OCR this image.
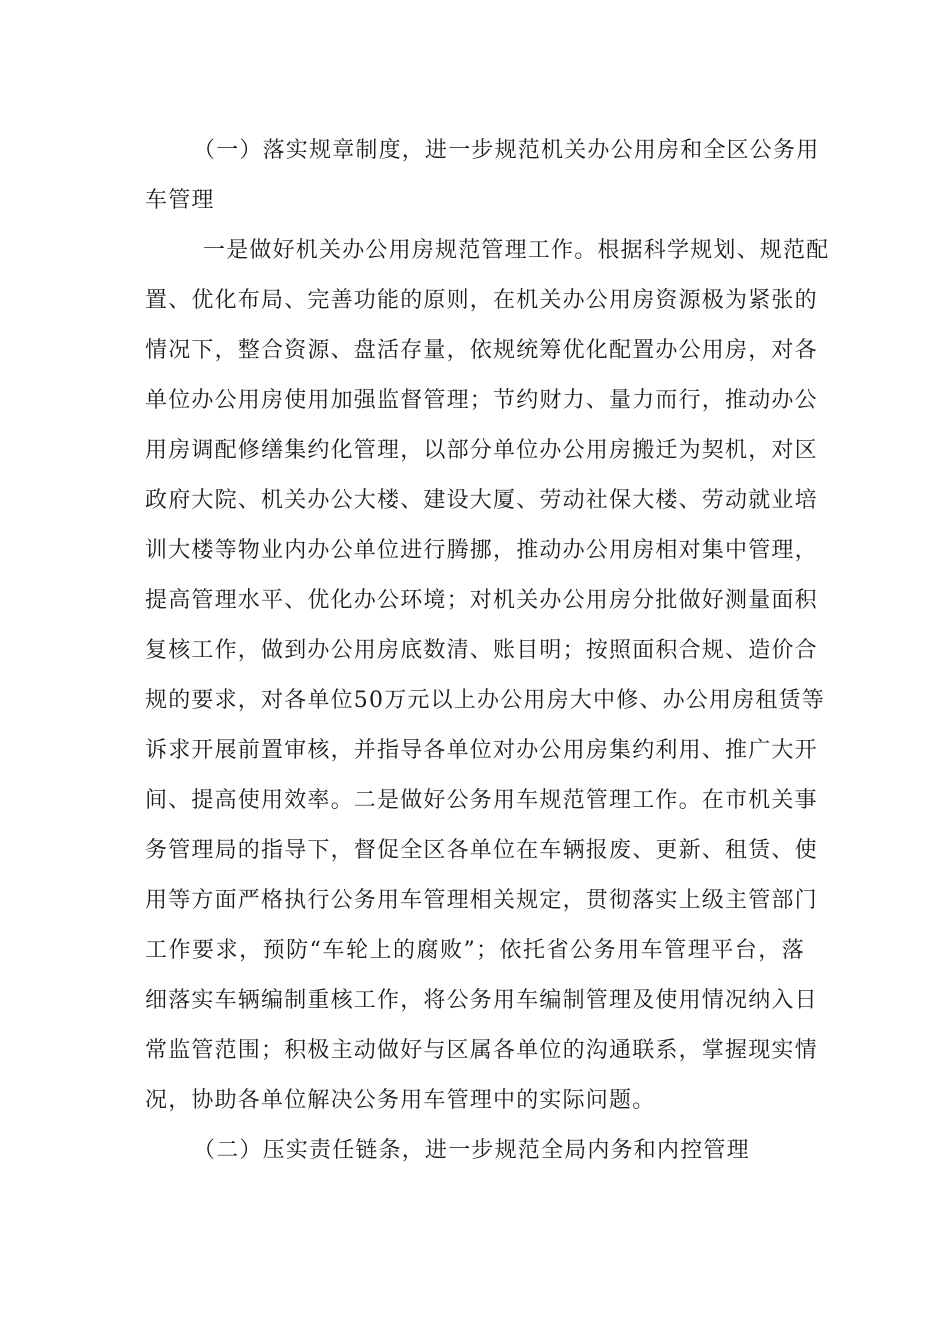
（一）落实规章制度，进一步规范机关办公用房和全区公务用
车管理
一是做好机关办公用房规范管理工作。根据科学规划、规范配
置、优化布局、完善功能的原则，在机关办公用房资源极为紧张的
情况下，整合资源、盘活存量，依规统筹优化配置办公用房，对各
单位办公用房使用加强监督管理；节约财力、量力而行，推动办公
用房调配修缮集约化管理，以部分单位办公用房搬迁为契机，对区
政府大院、机关办公大楼、建设大厦、劳动社保大楼、劳动就业培
训大楼等物业内办公单位进行腾挪，推动办公用房相对集中管理，
提高管理水平、优化办公环境；对机关办公用房分批做好测量面积
复核工作，做到办公用房底数清、账目明；按照面积合规、造价合
规的要求，对各单位50万元以上办公用房大中修、办公用房租赁等
诉求开展前置审核，并指导各单位对办公用房集约利用、推广大开
间、提高使用效率。二是做好公务用车规范管理工作。在市机关事
务管理局的指导下，督促全区各单位在车辆报废、更新、租赁、使
用等方面严格执行公务用车管理相关规定，贯彻落实上级主管部门
工作要求，预防“车轮上的腐败”；依托省公务用车管理平台，落
细落实车辆编制重核工作，将公务用车编制管理及使用情况纳入日
常监管范围；积极主动做好与区属各单位的沟通联系，掌握现实情
况，协助各单位解决公务用车管理中的实际问题。
（二）压实责任链条，进一步规范全局内务和内控管理
